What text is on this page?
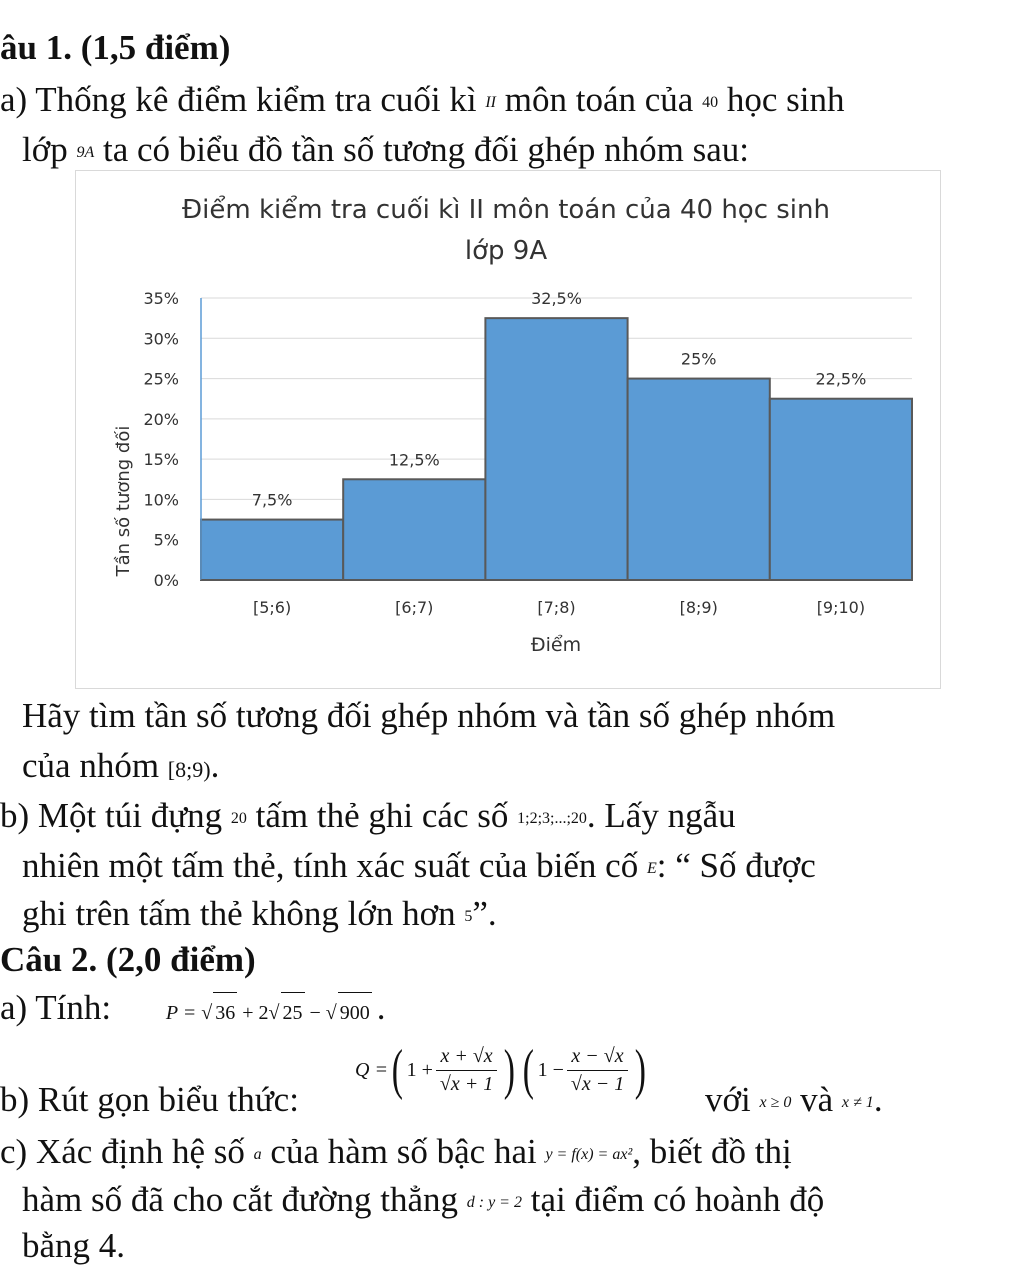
âu 1. (1,5 điểm)
a) Thống kê điểm kiểm tra cuối kì II môn toán của 40 học sinh
lớp 9A ta có biểu đồ tần số tương đối ghép nhóm sau:
Điểm kiểm tra cuối kì II môn toán của 40 học sinh
lớp 9A
0%
5%
10%
15%
20%
25%
30%
35%
7,5%
12,5%
32,5%
25%
22,5%
[5;6)	[6;7)	[7;8)	[8;9)	[9;10)
Điểm
Tần số tương đối
Hãy tìm tần số tương đối ghép nhóm và tần số ghép nhóm
của nhóm [8;9).
b) Một túi đựng 20 tấm thẻ ghi các số 1;2;3;...;20. Lấy ngẫu
nhiên một tấm thẻ, tính xác suất của biến cố E: “ Số được
ghi trên tấm thẻ không lớn hơn 5”.
Câu 2. (2,0 điểm)
a) Tính:	P = √ 36 + 2√ 25 − √ 900 .
b) Rút gọn biểu thức:
Q = ( $1 + \frac{x + √x}{√x + 1}$ ) ( $1 - \frac{x - √x}{√x - 1}$ ) với x ≥ 0 và x ≠ 1.
c) Xác định hệ số a của hàm số bậc hai y = f(x) = ax², biết đồ thị
hàm số đã cho cắt đường thẳng d : y = 2 tại điểm có hoành độ
bằng 4.
